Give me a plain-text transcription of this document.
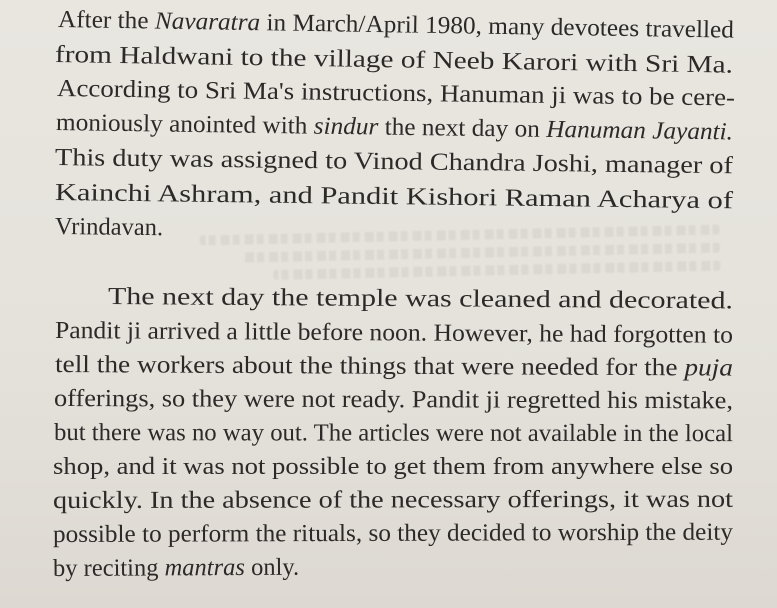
After the Navaratra in March/April 1980, many devotees travelled
from Haldwani to the village of Neeb Karori with Sri Ma.
According to Sri Ma's instructions, Hanuman ji was to be cere-
moniously anointed with sindur the next day on Hanuman Jayanti.
This duty was assigned to Vinod Chandra Joshi, manager of
Kainchi Ashram, and Pandit Kishori Raman Acharya of
Vrindavan.
The next day the temple was cleaned and decorated.
Pandit ji arrived a little before noon. However, he had forgotten to
tell the workers about the things that were needed for the puja
offerings, so they were not ready. Pandit ji regretted his mistake,
but there was no way out. The articles were not available in the local
shop, and it was not possible to get them from anywhere else so
quickly. In the absence of the necessary offerings, it was not
possible to perform the rituals, so they decided to worship the deity
by reciting mantras only.
